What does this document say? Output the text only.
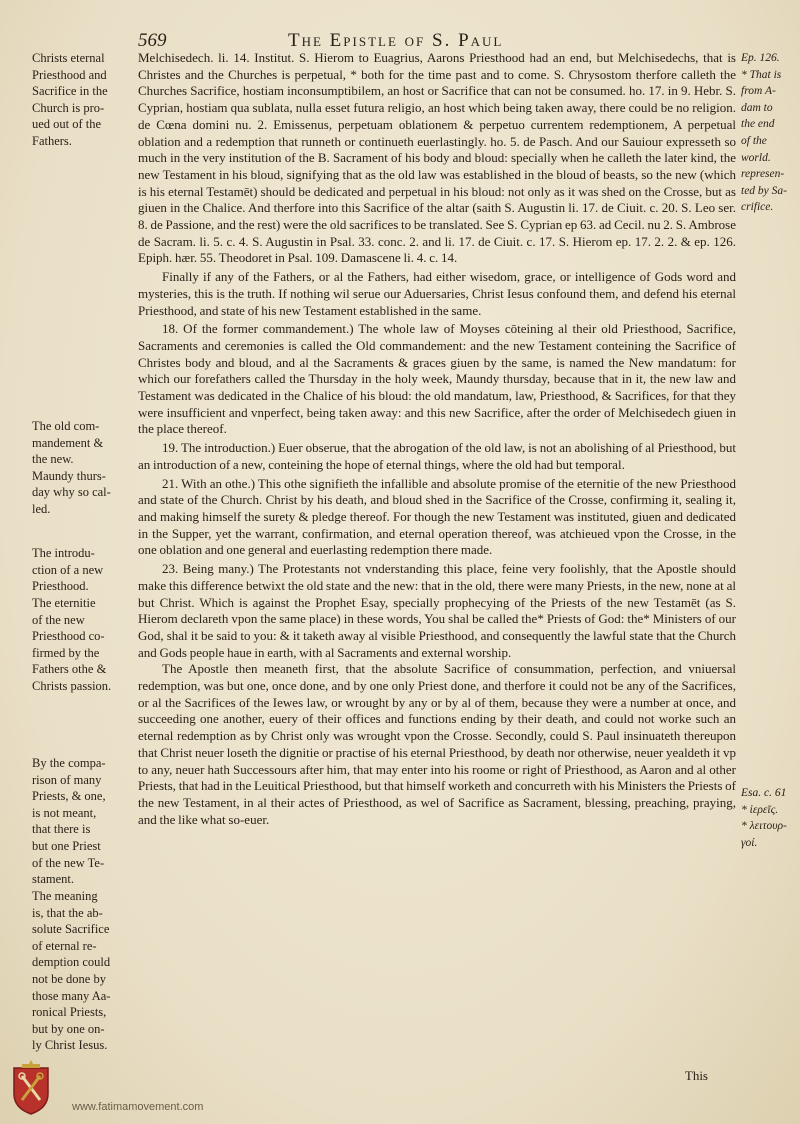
569	The Epistle of S. Paul
Christs eternal
Priesthood and
Sacrifice in the
Church is pro-
ued out of the
Fathers.
The old com-
mandement &
the new.
Maundy thurs-
day why so cal-
led.
The introdu-
ction of a new
Priesthood.
The eternitie
of the new
Priesthood co-
firmed by the
Fathers othe &
Christs passion.
By the compa-
rison of many
Priests, & one,
is not meant,
that there is
but one Priest
of the new Te-
stament.
The meaning
is, that the ab-
solute Sacrifice
of eternal re-
demption could
not be done by
those many Aa-
ronical Priests,
but by one on-
ly Christ Iesus.
Ep. 126.
* That is
from A-
dam to
the end
of the
world.
represen-
ted by Sa-
crifice.
Esa. c. 61
* ἱερεῖς.
* λειτουρ-
γοί.

Melchisedech. li. 14. Institut. S. Hierom to Euagrius, Aarons Priesthood had an end, but Melchisedechs, that is Christes and the Churches is perpetual, * both for the time past and to come. S. Chrysostom therfore calleth the Churches Sacrifice, hostiam inconsumptibilem, an host or Sacrifice that can not be consumed. ho. 17. in 9. Hebr. S. Cyprian, hostiam qua sublata, nulla esset futura religio, an host which being taken away, there could be no religion. de Cœna domini nu. 2. Emissenus, perpetuam oblationem & perpetuo currentem redemptionem, A perpetual oblation and a redemption that runneth or continueth euerlastingly. ho. 5. de Pasch. And our Sauiour expresseth so much in the very institution of the B. Sacrament of his body and bloud: specially when he calleth the later kind, the new Testament in his bloud, signifying that as the old law was established in the bloud of beasts, so the new (which is his eternal Testamēt) should be dedicated and perpetual in his bloud: not only as it was shed on the Crosse, but as giuen in the Chalice. And therfore into this Sacrifice of the altar (saith S. Augustin li. 17. de Ciuit. c. 20. S. Leo ser. 8. de Passione, and the rest) were the old sacrifices to be translated. See S. Cyprian ep 63. ad Cecil. nu 2. S. Ambrose de Sacram. li. 5. c. 4. S. Augustin in Psal. 33. conc. 2. and li. 17. de Ciuit. c. 17. S. Hierom ep. 17. 2. 2. & ep. 126. Epiph. hær. 55. Theodoret in Psal. 109. Damascene li. 4. c. 14.

Finally if any of the Fathers, or al the Fathers, had either wisedom, grace, or intelligence of Gods word and mysteries, this is the truth. If nothing wil serue our Aduersaries, Christ Iesus confound them, and defend his eternal Priesthood, and state of his new Testament established in the same.

18. Of the former commandement.) The whole law of Moyses cōteining al their old Priesthood, Sacrifice, Sacraments and ceremonies is called the Old commandement: and the new Testament conteining the Sacrifice of Christes body and bloud, and al the Sacraments & graces giuen by the same, is named the New mandatum: for which our forefathers called the Thursday in the holy week, Maundy thursday, because that in it, the new law and Testament was dedicated in the Chalice of his bloud: the old mandatum, law, Priesthood, & Sacrifices, for that they were insufficient and vnperfect, being taken away: and this new Sacrifice, after the order of Melchisedech giuen in the place thereof.

19. The introduction.) Euer obserue, that the abrogation of the old law, is not an abolishing of al Priesthood, but an introduction of a new, conteining the hope of eternal things, where the old had but temporal.

21. With an othe.) This othe signifieth the infallible and absolute promise of the eternitie of the new Priesthood and state of the Church. Christ by his death, and bloud shed in the Sacrifice of the Crosse, confirming it, sealing it, and making himself the surety & pledge thereof. For though the new Testament was instituted, giuen and dedicated in the Supper, yet the warrant, confirmation, and eternal operation thereof, was atchieued vpon the Crosse, in the one oblation and one general and euerlasting redemption there made.

23. Being many.) The Protestants not vnderstanding this place, feine very foolishly, that the Apostle should make this difference betwixt the old state and the new: that in the old, there were many Priests, in the new, none at al but Christ. Which is against the Prophet Esay, specially prophecying of the Priests of the new Testamēt (as S. Hierom declareth vpon the same place) in these words, You shal be called the* Priests of God: the* Ministers of our God, shal it be said to you: & it taketh away al visible Priesthood, and consequently the lawful state that the Church and Gods people haue in earth, with al Sacraments and external worship.

The Apostle then meaneth first, that the absolute Sacrifice of consummation, perfection, and vniuersal redemption, was but one, once done, and by one only Priest done, and therfore it could not be any of the Sacrifices, or al the Sacrifices of the Iewes law, or wrought by any or by al of them, because they were a number at once, and succeeding one another, euery of their offices and functions ending by their death, and could not worke such an eternal redemption as by Christ only was wrought vpon the Crosse. Secondly, could S. Paul insinuateth thereupon that Christ neuer loseth the dignitie or practise of his eternal Priesthood, by death nor otherwise, neuer yealdeth it vp to any, neuer hath Successours after him, that may enter into his roome or right of Priesthood, as Aaron and al other Priests, that had in the Leuitical Priesthood, but that himself worketh and concurreth with his Ministers the Priests of the new Testament, in al their actes of Priesthood, as wel of Sacrifice as Sacrament, blessing, preaching, praying, and the like what so-euer.

This
www.fatimamovement.com
